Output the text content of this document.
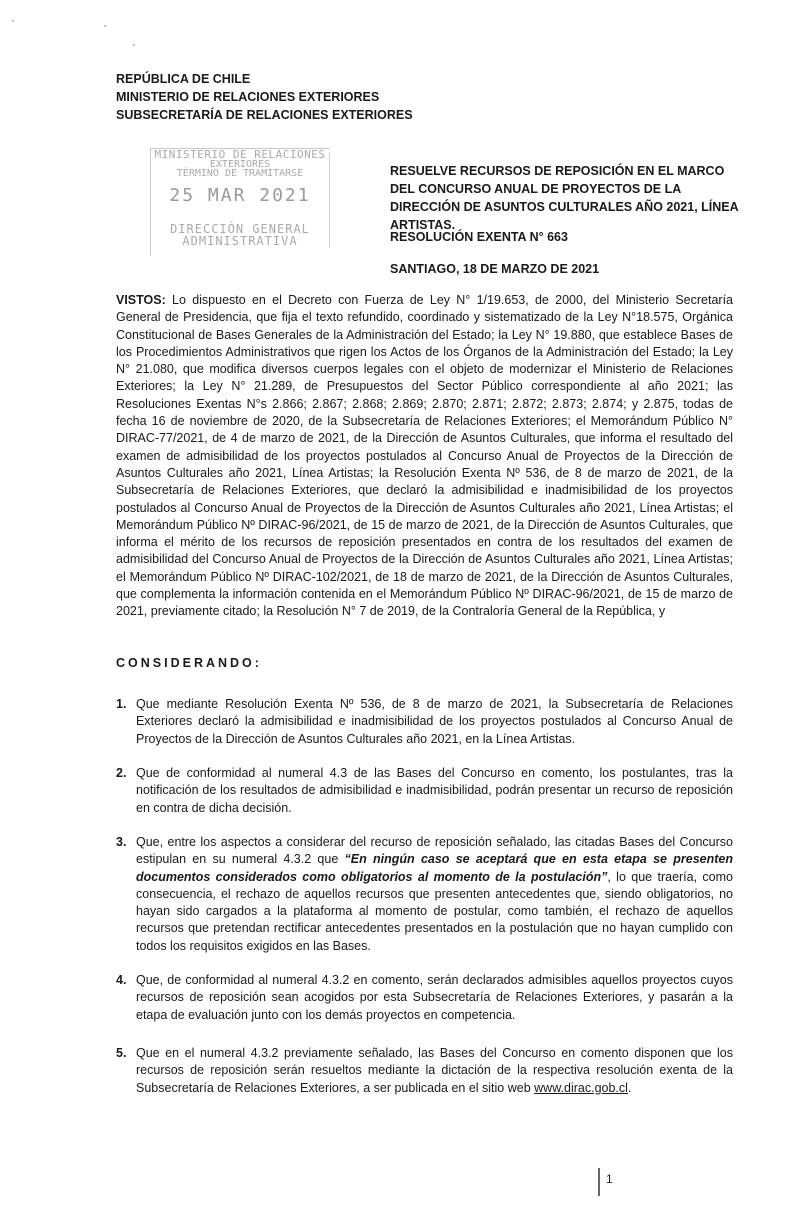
REPÚBLICA DE CHILE
MINISTERIO DE RELACIONES EXTERIORES
SUBSECRETARÍA DE RELACIONES EXTERIORES
MINISTERIO DE RELACIONES
EXTERIORES
TÉRMINO DE TRAMITARSE
25 MAR 2021
DIRECCIÓN GENERAL
ADMINISTRATIVA
RESUELVE RECURSOS DE REPOSICIÓN EN EL MARCO DEL CONCURSO ANUAL DE PROYECTOS DE LA DIRECCIÓN DE ASUNTOS CULTURALES AÑO 2021, LÍNEA ARTISTAS.
RESOLUCIÓN EXENTA N° 663
SANTIAGO, 18 DE MARZO DE 2021
VISTOS: Lo dispuesto en el Decreto con Fuerza de Ley N° 1/19.653, de 2000, del Ministerio Secretaría General de Presidencia, que fija el texto refundido, coordinado y sistematizado de la Ley N°18.575, Orgánica Constitucional de Bases Generales de la Administración del Estado; la Ley N° 19.880, que establece Bases de los Procedimientos Administrativos que rigen los Actos de los Órganos de la Administración del Estado; la Ley N° 21.080, que modifica diversos cuerpos legales con el objeto de modernizar el Ministerio de Relaciones Exteriores; la Ley N° 21.289, de Presupuestos del Sector Público correspondiente al año 2021; las Resoluciones Exentas N°s 2.866; 2.867; 2.868; 2.869; 2.870; 2.871; 2.872; 2.873; 2.874; y 2.875, todas de fecha 16 de noviembre de 2020, de la Subsecretaría de Relaciones Exteriores; el Memorándum Público N° DIRAC-77/2021, de 4 de marzo de 2021, de la Dirección de Asuntos Culturales, que informa el resultado del examen de admisibilidad de los proyectos postulados al Concurso Anual de Proyectos de la Dirección de Asuntos Culturales año 2021, Línea Artistas; la Resolución Exenta Nº 536, de 8 de marzo de 2021, de la Subsecretaría de Relaciones Exteriores, que declaró la admisibilidad e inadmisibilidad de los proyectos postulados al Concurso Anual de Proyectos de la Dirección de Asuntos Culturales año 2021, Línea Artistas; el Memorándum Público Nº DIRAC-96/2021, de 15 de marzo de 2021, de la Dirección de Asuntos Culturales, que informa el mérito de los recursos de reposición presentados en contra de los resultados del examen de admisibilidad del Concurso Anual de Proyectos de la Dirección de Asuntos Culturales año 2021, Línea Artistas; el Memorándum Público Nº DIRAC-102/2021, de 18 de marzo de 2021, de la Dirección de Asuntos Culturales, que complementa la información contenida en el Memorándum Público Nº DIRAC-96/2021, de 15 de marzo de 2021, previamente citado; la Resolución N° 7 de 2019, de la Contraloría General de la República, y
CONSIDERANDO:
1. Que mediante Resolución Exenta Nº 536, de 8 de marzo de 2021, la Subsecretaría de Relaciones Exteriores declaró la admisibilidad e inadmisibilidad de los proyectos postulados al Concurso Anual de Proyectos de la Dirección de Asuntos Culturales año 2021, en la Línea Artistas.
2. Que de conformidad al numeral 4.3 de las Bases del Concurso en comento, los postulantes, tras la notificación de los resultados de admisibilidad e inadmisibilidad, podrán presentar un recurso de reposición en contra de dicha decisión.
3. Que, entre los aspectos a considerar del recurso de reposición señalado, las citadas Bases del Concurso estipulan en su numeral 4.3.2 que “En ningún caso se aceptará que en esta etapa se presenten documentos considerados como obligatorios al momento de la postulación”, lo que traería, como consecuencia, el rechazo de aquellos recursos que presenten antecedentes que, siendo obligatorios, no hayan sido cargados a la plataforma al momento de postular, como también, el rechazo de aquellos recursos que pretendan rectificar antecedentes presentados en la postulación que no hayan cumplido con todos los requisitos exigidos en las Bases.
4. Que, de conformidad al numeral 4.3.2 en comento, serán declarados admisibles aquellos proyectos cuyos recursos de reposición sean acogidos por esta Subsecretaría de Relaciones Exteriores, y pasarán a la etapa de evaluación junto con los demás proyectos en competencia.
5. Que en el numeral 4.3.2 previamente señalado, las Bases del Concurso en comento disponen que los recursos de reposición serán resueltos mediante la dictación de la respectiva resolución exenta de la Subsecretaría de Relaciones Exteriores, a ser publicada en el sitio web www.dirac.gob.cl.
1
